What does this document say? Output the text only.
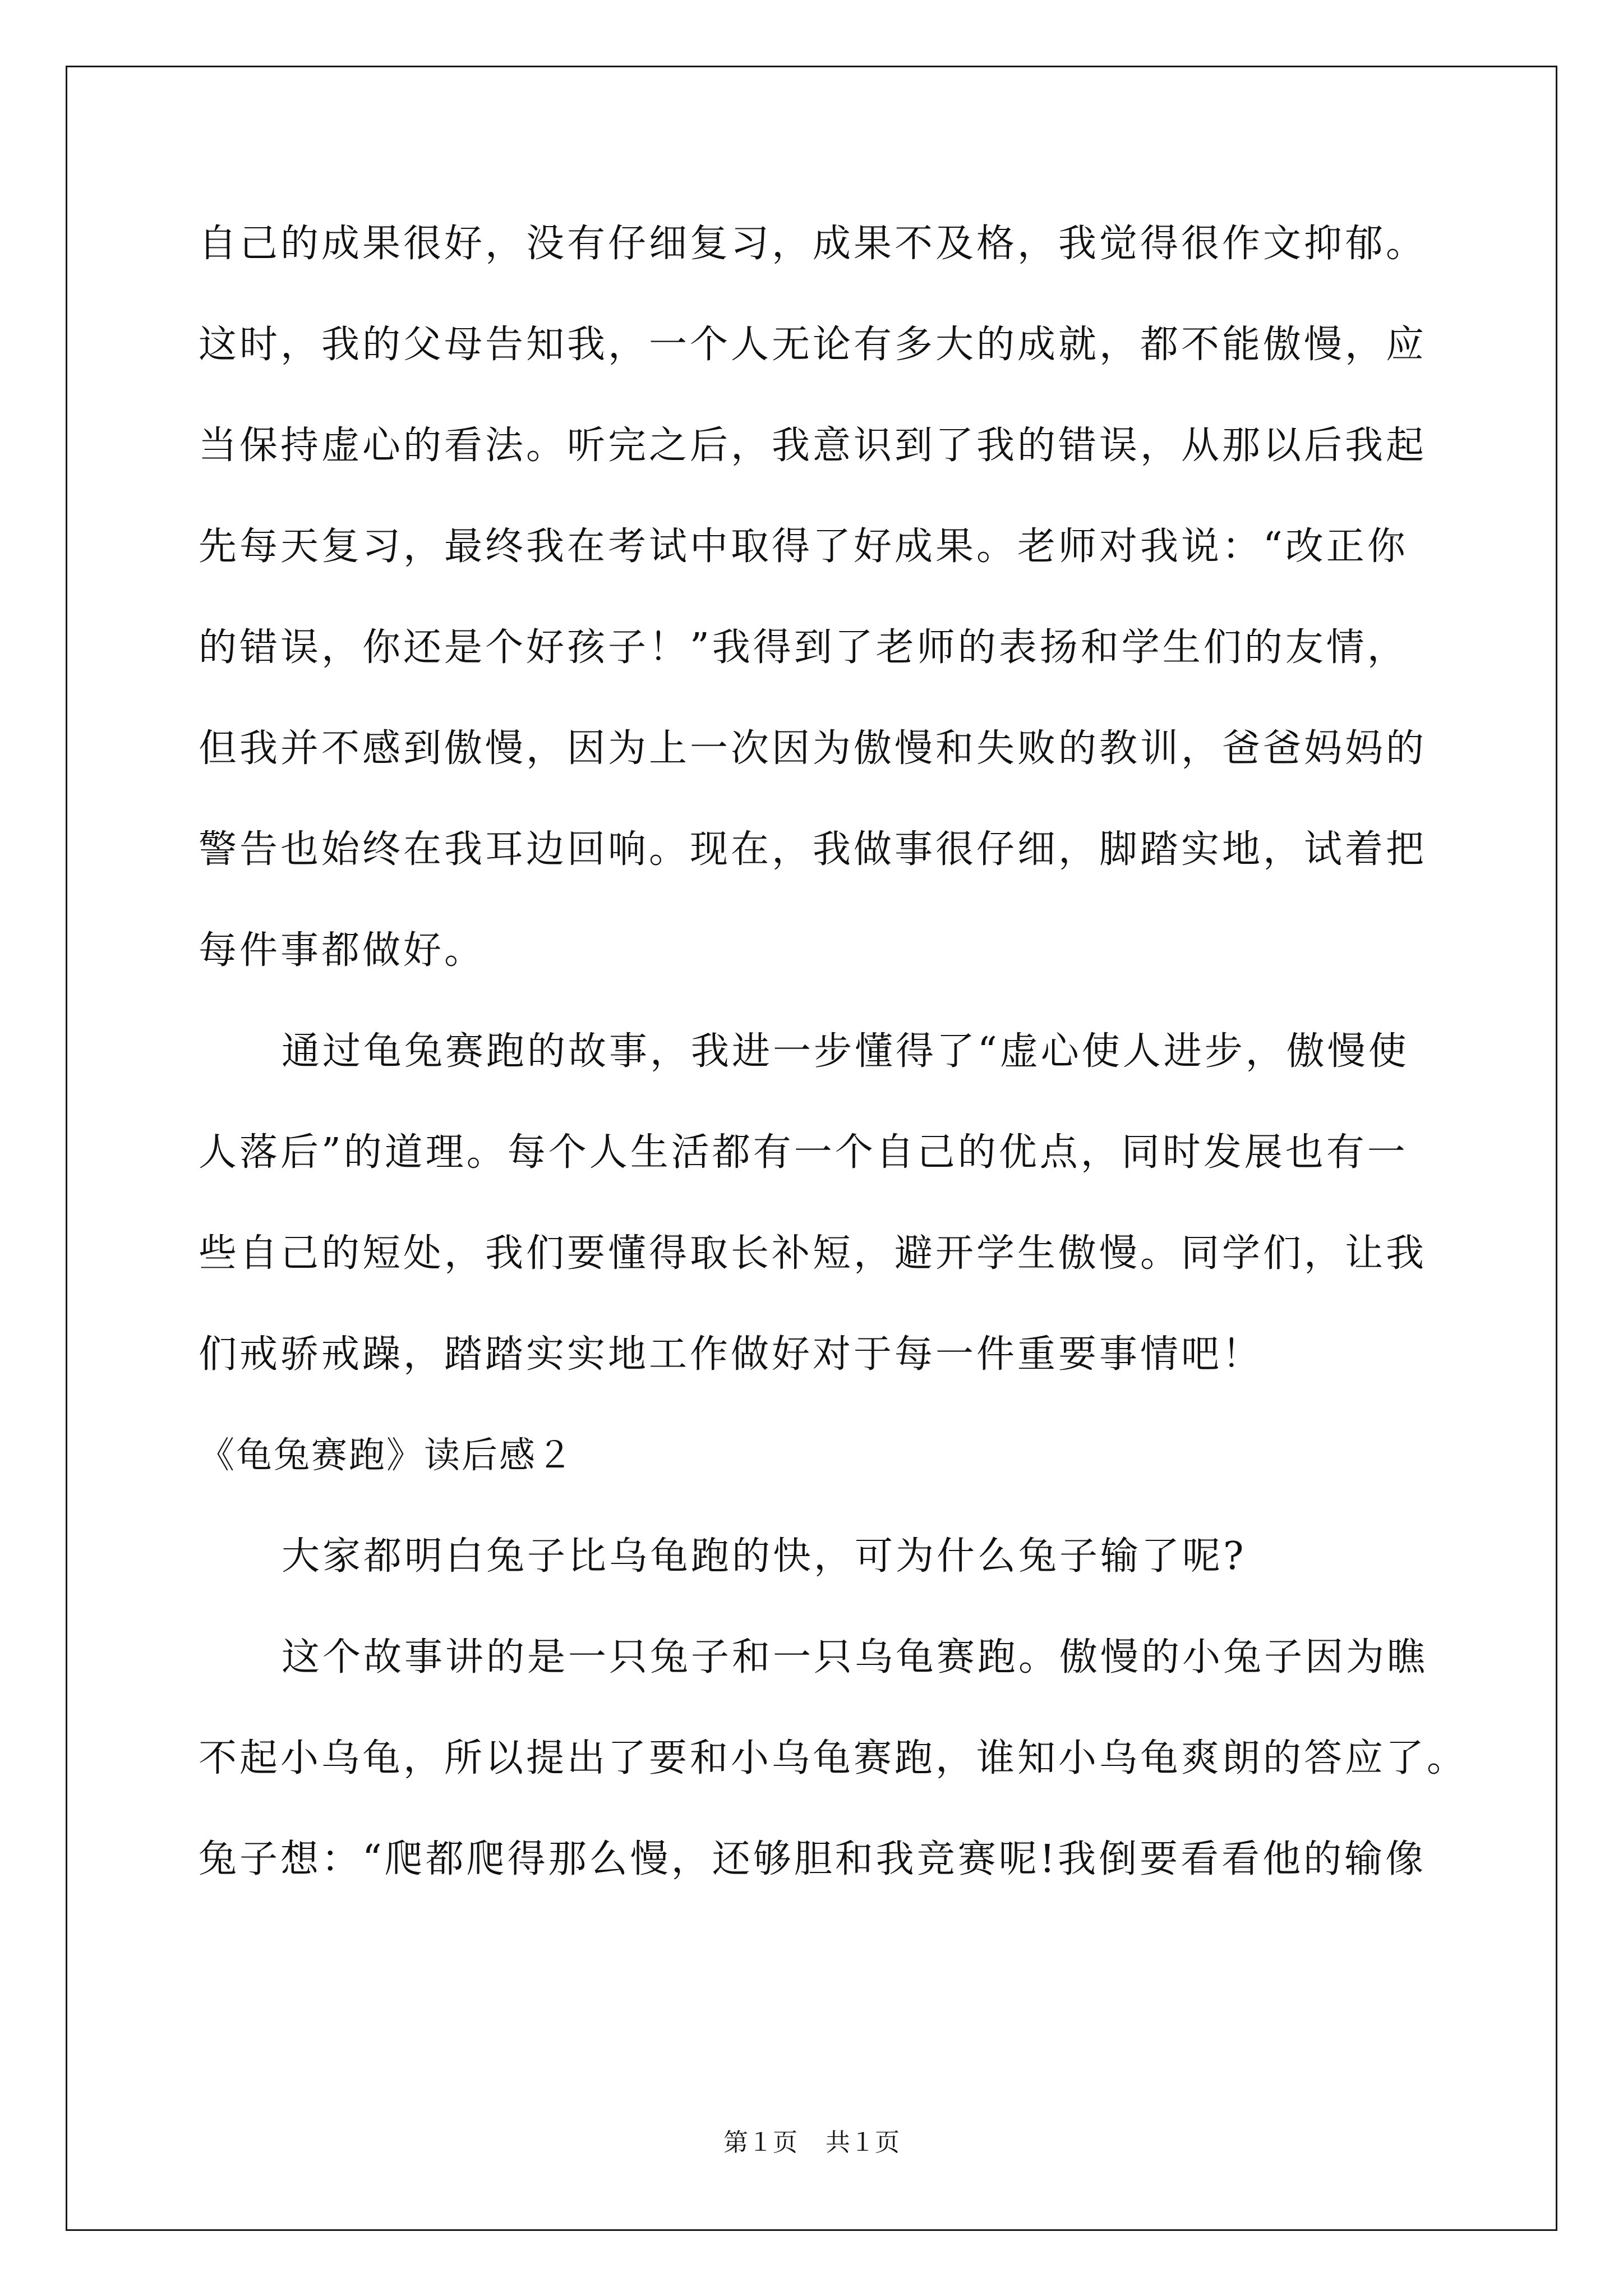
自己的成果很好，没有仔细复习，成果不及格，我觉得很作文抑郁。
这时，我的父母告知我，一个人无论有多大的成就，都不能傲慢，应
当保持虚心的看法。听完之后，我意识到了我的错误，从那以后我起
先每天复习，最终我在考试中取得了好成果。老师对我说：“改正你
的错误，你还是个好孩子！”我得到了老师的表扬和学生们的友情，
但我并不感到傲慢，因为上一次因为傲慢和失败的教训，爸爸妈妈的
警告也始终在我耳边回响。现在，我做事很仔细，脚踏实地，试着把
每件事都做好。
通过龟兔赛跑的故事，我进一步懂得了“虚心使人进步，傲慢使
人落后”的道理。每个人生活都有一个自己的优点，同时发展也有一
些自己的短处，我们要懂得取长补短，避开学生傲慢。同学们，让我
们戒骄戒躁，踏踏实实地工作做好对于每一件重要事情吧！
《龟兔赛跑》读后感２
大家都明白兔子比乌龟跑的快，可为什么兔子输了呢?
这个故事讲的是一只兔子和一只乌龟赛跑。傲慢的小兔子因为瞧
不起小乌龟，所以提出了要和小乌龟赛跑，谁知小乌龟爽朗的答应了。
兔子想：“爬都爬得那么慢，还够胆和我竞赛呢!我倒要看看他的输像
第１页 共１页
